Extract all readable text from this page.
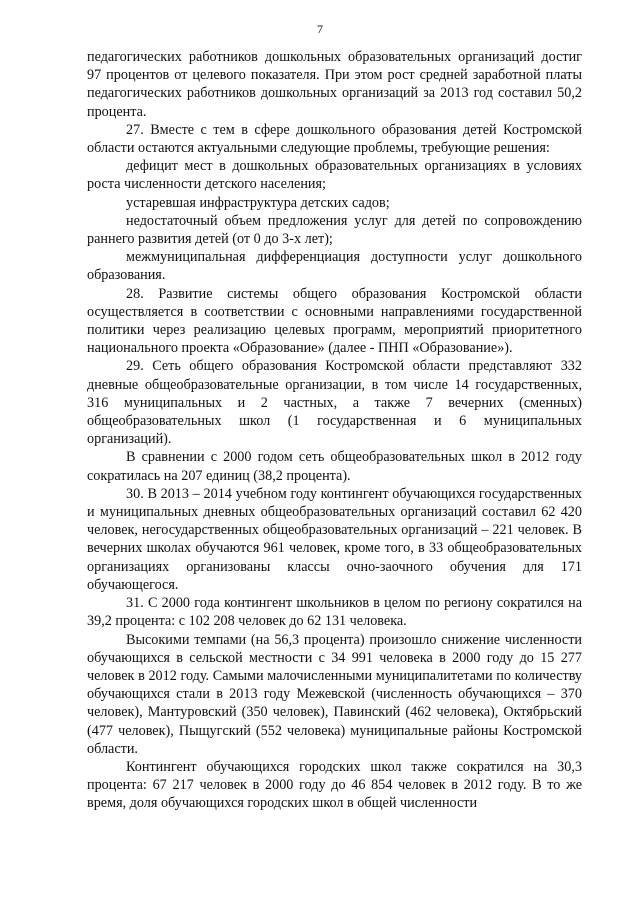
7

педагогических работников дошкольных образовательных организаций достиг 97 процентов от целевого показателя. При этом рост средней заработной платы педагогических работников дошкольных организаций за 2013 год составил 50,2 процента.

27. Вместе с тем в сфере дошкольного образования детей Костромской области остаются актуальными следующие проблемы, требующие решения:

дефицит мест в дошкольных образовательных организациях в условиях роста численности детского населения;

устаревшая инфраструктура детских садов;

недостаточный объем предложения услуг для детей по сопровождению раннего развития детей (от 0 до 3-х лет);

межмуниципальная дифференциация доступности услуг дошкольного образования.

28. Развитие системы общего образования Костромской области осуществляется в соответствии с основными направлениями государственной политики через реализацию целевых программ, мероприятий приоритетного национального проекта «Образование» (далее - ПНП «Образование»).

29. Сеть общего образования Костромской области представляют 332 дневные общеобразовательные организации, в том числе 14 государственных, 316 муниципальных и 2 частных, а также 7 вечерних (сменных) общеобразовательных школ (1 государственная и 6 муниципальных организаций).

В сравнении с 2000 годом сеть общеобразовательных школ в 2012 году сократилась на 207 единиц (38,2 процента).

30. В 2013 – 2014 учебном году контингент обучающихся государственных и муниципальных дневных общеобразовательных организаций составил 62 420 человек, негосударственных общеобразовательных организаций – 221 человек. В вечерних школах обучаются 961 человек, кроме того, в 33 общеобразовательных организациях организованы классы очно-заочного обучения для 171 обучающегося.

31. С 2000 года контингент школьников в целом по региону сократился на 39,2 процента: с 102 208 человек до 62 131 человека.

Высокими темпами (на 56,3 процента) произошло снижение численности обучающихся в сельской местности с 34 991 человека в 2000 году до 15 277 человек в 2012 году. Самыми малочисленными муниципалитетами по количеству обучающихся стали в 2013 году Межевской (численность обучающихся – 370 человек), Мантуровский (350 человек), Павинский (462 человека), Октябрьский (477 человек), Пыщугский (552 человека) муниципальные районы Костромской области.

Контингент обучающихся городских школ также сократился на 30,3 процента: 67 217 человек в 2000 году до 46 854 человек в 2012 году. В то же время, доля обучающихся городских школ в общей численности
